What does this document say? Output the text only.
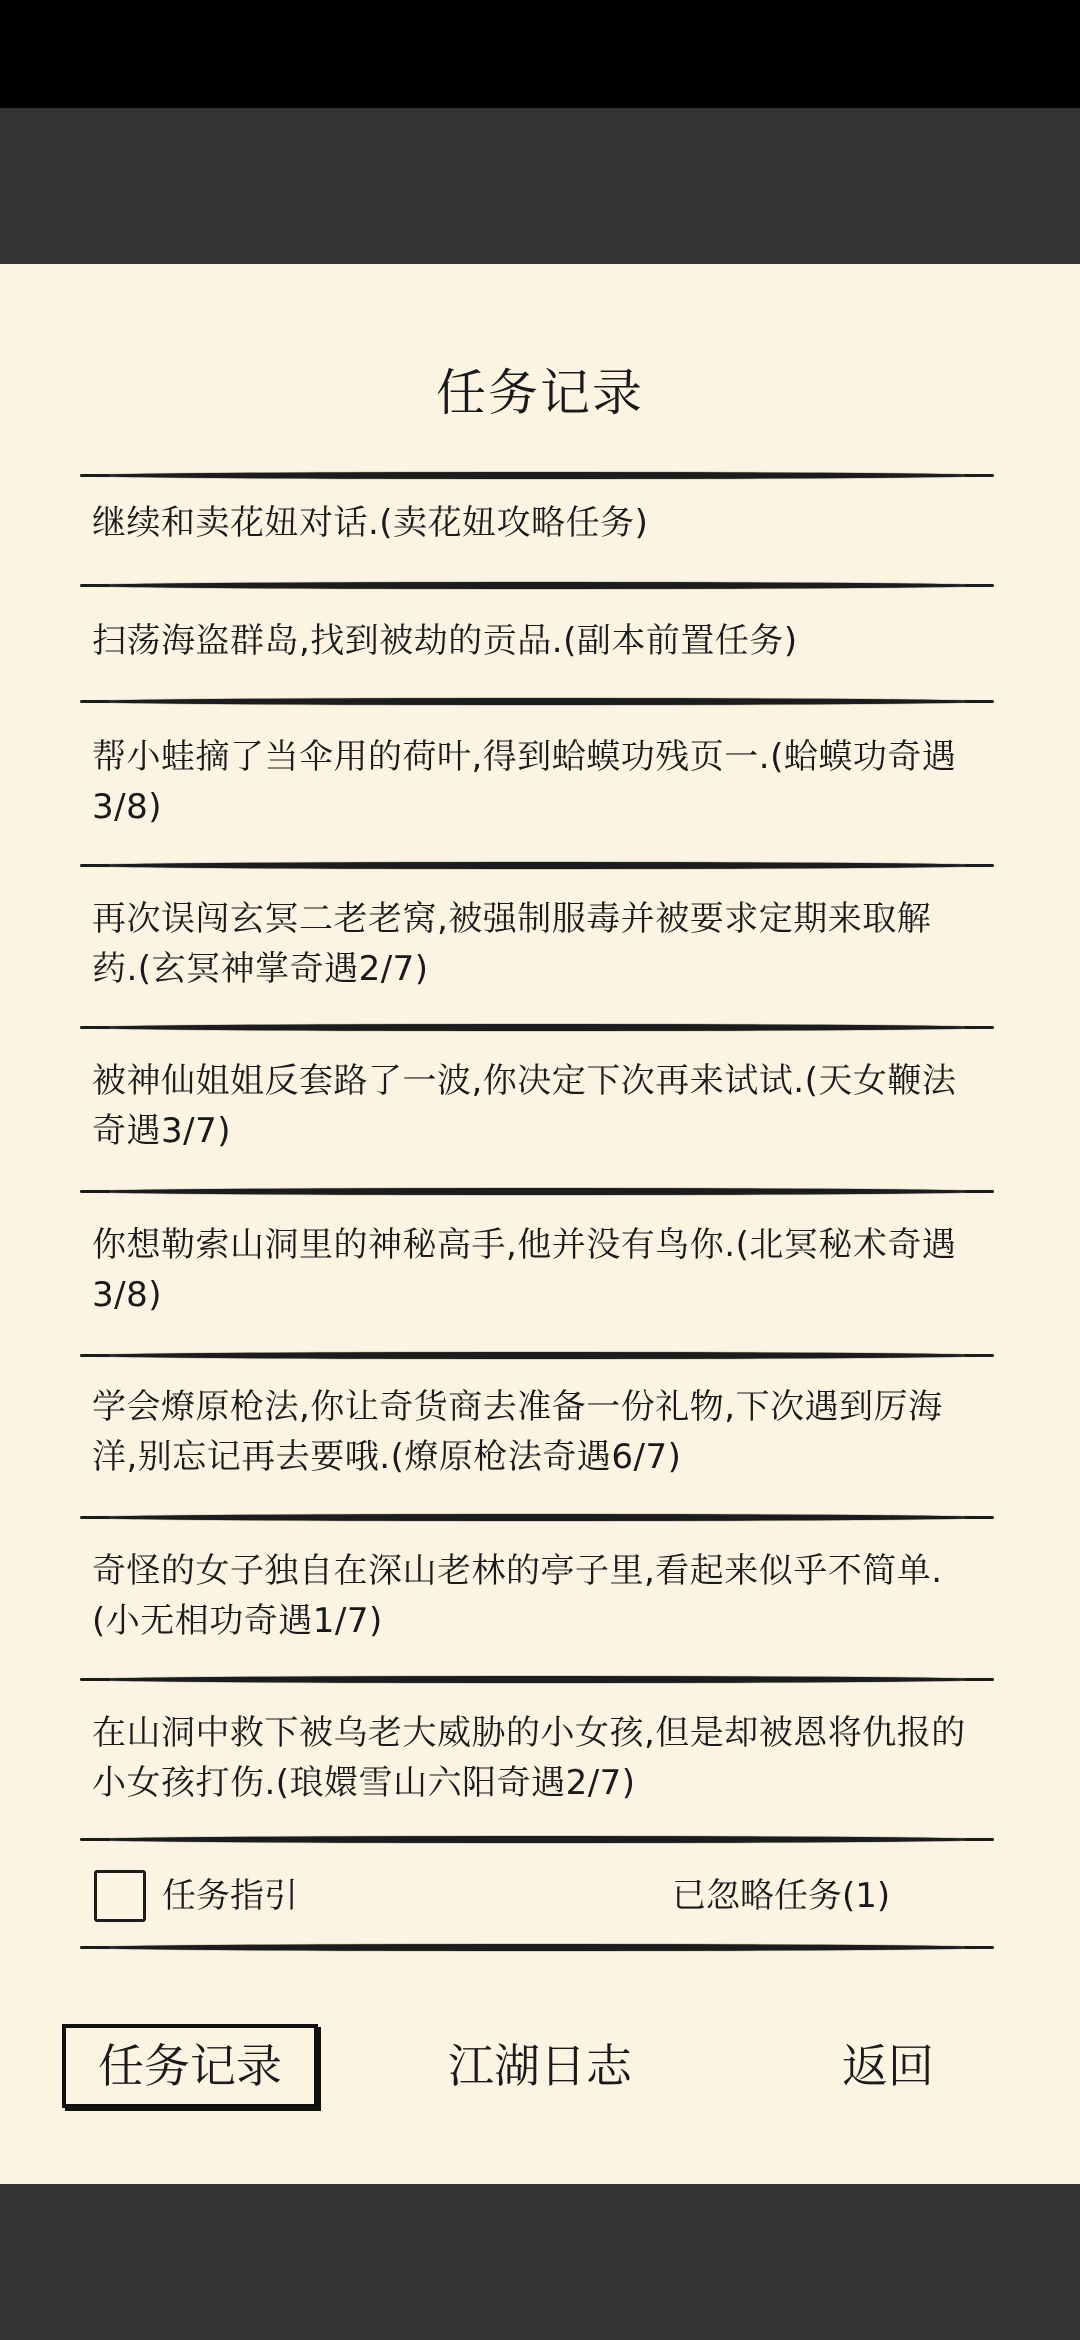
任务记录
继续和卖花妞对话.(卖花妞攻略任务)
扫荡海盗群岛,找到被劫的贡品.(副本前置任务)
帮小蛙摘了当伞用的荷叶,得到蛤蟆功残页一.(蛤蟆功奇遇3/8)
再次误闯玄冥二老老窝,被强制服毒并被要求定期来取解药.(玄冥神掌奇遇2/7)
被神仙姐姐反套路了一波,你决定下次再来试试.(天女鞭法奇遇3/7)
你想勒索山洞里的神秘高手,他并没有鸟你.(北冥秘术奇遇3/8)
学会燎原枪法,你让奇货商去准备一份礼物,下次遇到厉海洋,别忘记再去要哦.(燎原枪法奇遇6/7)
奇怪的女子独自在深山老林的亭子里,看起来似乎不简单.(小无相功奇遇1/7)
在山洞中救下被乌老大威胁的小女孩,但是却被恩将仇报的小女孩打伤.(琅嬛雪山六阳奇遇2/7)
任务指引	已忽略任务(1)
任务记录	江湖日志	返回
